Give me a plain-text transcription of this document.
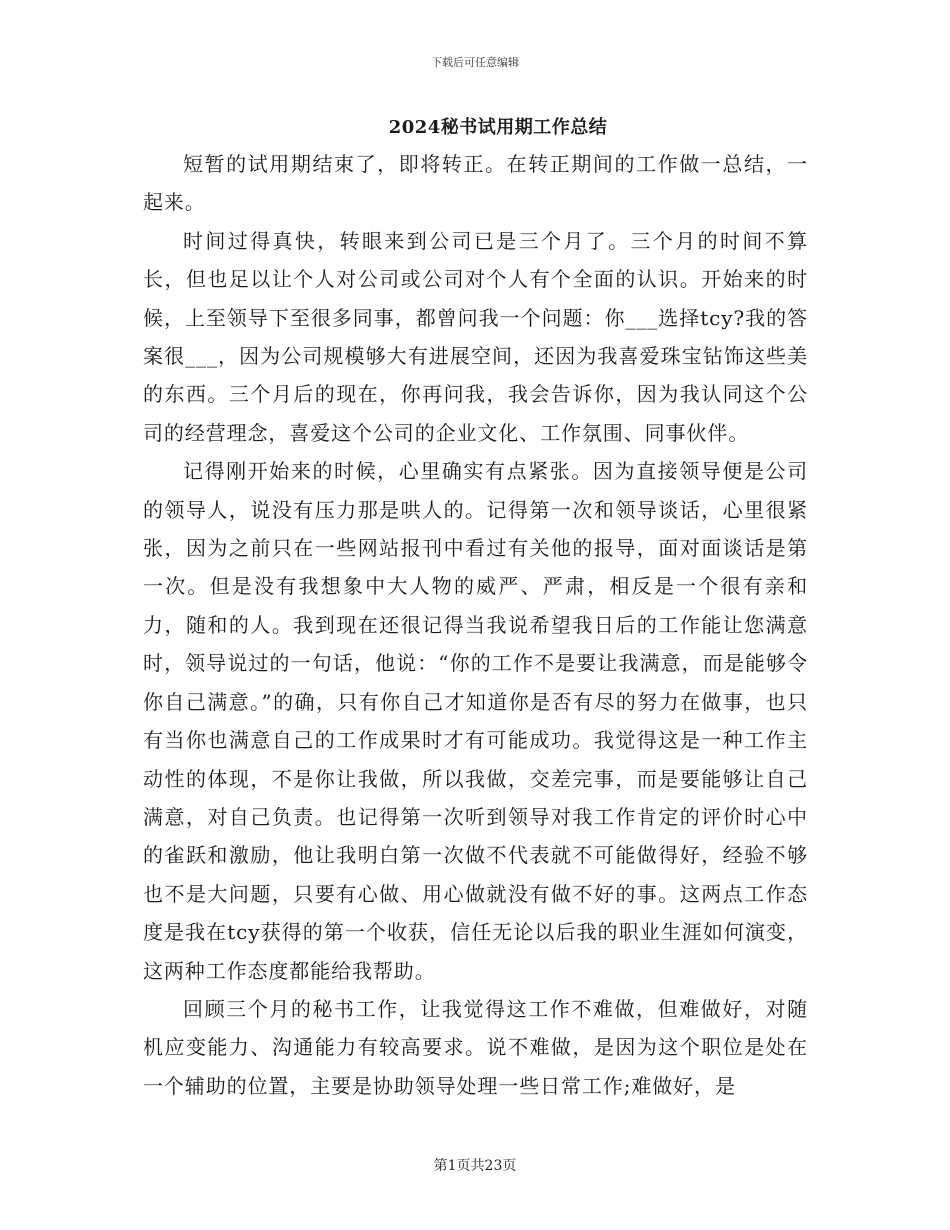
下载后可任意编辑
2024秘书试用期工作总结

短暂的试用期结束了，即将转正。在转正期间的工作做一总结，一起来。

时间过得真快，转眼来到公司已是三个月了。三个月的时间不算长，但也足以让个人对公司或公司对个人有个全面的认识。开始来的时候，上至领导下至很多同事，都曾问我一个问题：你___选择tcy?我的答案很___，因为公司规模够大有进展空间，还因为我喜爱珠宝钻饰这些美的东西。三个月后的现在，你再问我，我会告诉你，因为我认同这个公司的经营理念，喜爱这个公司的企业文化、工作氛围、同事伙伴。

记得刚开始来的时候，心里确实有点紧张。因为直接领导便是公司的领导人，说没有压力那是哄人的。记得第一次和领导谈话，心里很紧张，因为之前只在一些网站报刊中看过有关他的报导，面对面谈话是第一次。但是没有我想象中大人物的威严、严肃，相反是一个很有亲和力，随和的人。我到现在还很记得当我说希望我日后的工作能让您满意时，领导说过的一句话，他说：“你的工作不是要让我满意，而是能够令你自己满意。”的确，只有你自己才知道你是否有尽的努力在做事，也只有当你也满意自己的工作成果时才有可能成功。我觉得这是一种工作主动性的体现，不是你让我做，所以我做，交差完事，而是要能够让自己满意，对自己负责。也记得第一次听到领导对我工作肯定的评价时心中的雀跃和激励，他让我明白第一次做不代表就不可能做得好，经验不够也不是大问题，只要有心做、用心做就没有做不好的事。这两点工作态度是我在tcy获得的第一个收获，信任无论以后我的职业生涯如何演变，这两种工作态度都能给我帮助。

回顾三个月的秘书工作，让我觉得这工作不难做，但难做好，对随机应变能力、沟通能力有较高要求。说不难做，是因为这个职位是处在一个辅助的位置，主要是协助领导处理一些日常工作;难做好，是

第1页共23页
